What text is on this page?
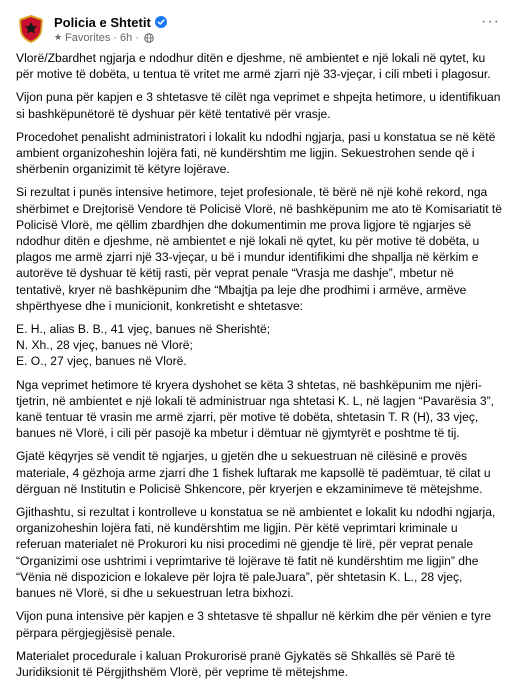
Policia e Shtetit
★ Favorites · 6h ·
···

Vlorë/Zbardhet ngjarja e ndodhur ditën e djeshme, në ambientet e një lokali në qytet, ku për motive të dobëta, u tentua të vritet me armë zjarri një 33-vjeçar, i cili mbeti i plagosur.

Vijon puna për kapjen e 3 shtetasve të cilët nga veprimet e shpejta hetimore, u identifikuan si bashkëpunëtorë të dyshuar për këtë tentativë për vrasje.

Procedohet penalisht administratori i lokalit ku ndodhi ngjarja, pasi u konstatua se në këtë ambient organizoheshin lojëra fati, në kundërshtim me ligjin. Sekuestrohen sende që i shërbenin organizimit të këtyre lojërave.

Si rezultat i punës intensive hetimore, tejet profesionale, të bërë në një kohë rekord, nga shërbimet e Drejtorisë Vendore të Policisë Vlorë, në bashkëpunim me ato të Komisariatit të Policisë Vlorë, me qëllim zbardhjen dhe dokumentimin me prova ligjore të ngjarjes së ndodhur ditën e djeshme, në ambientet e një lokali në qytet, ku për motive të dobëta, u plagos me armë zjarri një 33-vjeçar, u bë i mundur identifikimi dhe shpallja në kërkim e autorëve të dyshuar të këtij rasti, për veprat penale “Vrasja me dashje”, mbetur në tentativë, kryer në bashkëpunim dhe “Mbajtja pa leje dhe prodhimi i armëve, armëve shpërthyese dhe i municionit, konkretisht e shtetasve:

E. H., alias B. B., 41 vjeç, banues në Sherishtë;

N. Xh., 28 vjeç, banues në Vlorë;

E. O., 27 vjeç, banues në Vlorë.

Nga veprimet hetimore të kryera dyshohet se këta 3 shtetas, në bashkëpunim me njëri-tjetrin, në ambientet e një lokali të administruar nga shtetasi K. L, në lagjen “Pavarësia 3”, kanë tentuar të vrasin me armë zjarri, për motive të dobëta, shtetasin T. R (H), 33 vjeç, banues në Vlorë, i cili për pasojë ka mbetur i dëmtuar në gjymtyrët e poshtme të tij.

Gjatë këqyrjes së vendit të ngjarjes, u gjetën dhe u sekuestruan në cilësinë e provës materiale, 4 gëzhoja arme zjarri dhe 1 fishek luftarak me kapsollë të padëmtuar, të cilat u dërguan në Institutin e Policisë Shkencore, për kryerjen e ekzaminimeve të mëtejshme.

Gjithashtu, si rezultat i kontrolleve u konstatua se në ambientet e lokalit ku ndodhi ngjarja, organizoheshin lojëra fati, në kundërshtim me ligjin. Për këtë veprimtari kriminale u referuan materialet në Prokurori ku nisi procedimi në gjendje të lirë, për veprat penale “Organizimi ose ushtrimi i veprimtarive të lojërave të fatit në kundërshtim me ligjin” dhe “Vënia në dispozicion e lokaleve për lojra të paleJuara”, për shtetasin K. L., 28 vjeç, banues në Vlorë, si dhe u sekuestruan letra bixhozi.

Vijon puna intensive për kapjen e 3 shtetasve të shpallur në kërkim dhe për vënien e tyre përpara përgjegjësisë penale.

Materialet procedurale i kaluan Prokurorisë pranë Gjykatës së Shkallës së Parë të Juridiksionit të Përgjithshëm Vlorë, për veprime të mëtejshme.
